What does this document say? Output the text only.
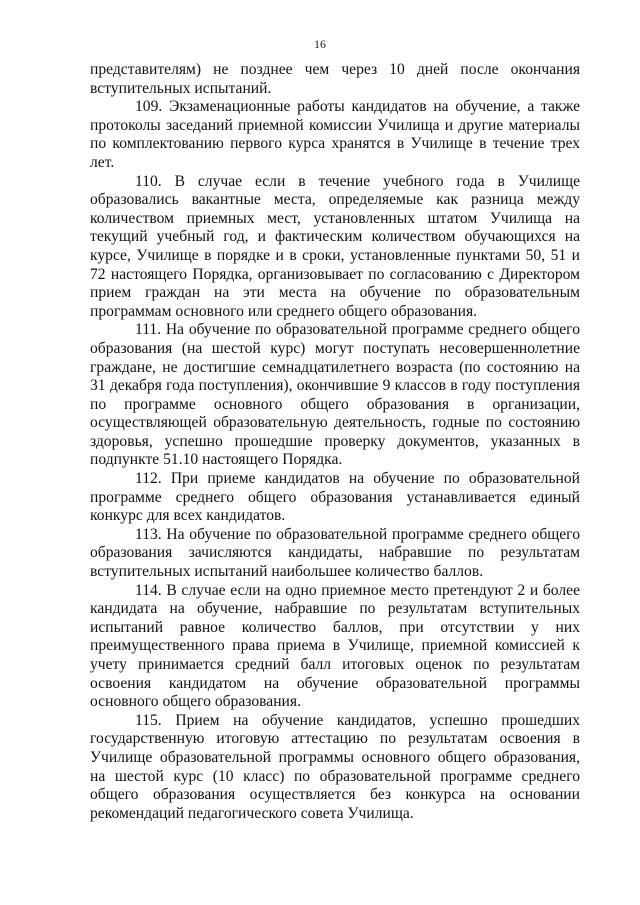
16

представителям) не позднее чем через 10 дней после окончания вступительных испытаний.

109. Экзаменационные работы кандидатов на обучение, а также протоколы заседаний приемной комиссии Училища и другие материалы по комплектованию первого курса хранятся в Училище в течение трех лет.

110. В случае если в течение учебного года в Училище образовались вакантные места, определяемые как разница между количеством приемных мест, установленных штатом Училища на текущий учебный год, и фактическим количеством обучающихся на курсе, Училище в порядке и в сроки, установленные пунктами 50, 51 и 72 настоящего Порядка, организовывает по согласованию с Директором прием граждан на эти места на обучение по образовательным программам основного или среднего общего образования.

111. На обучение по образовательной программе среднего общего образования (на шестой курс) могут поступать несовершеннолетние граждане, не достигшие семнадцатилетнего возраста (по состоянию на 31 декабря года поступления), окончившие 9 классов в году поступления по программе основного общего образования в организации, осуществляющей образовательную деятельность, годные по состоянию здоровья, успешно прошедшие проверку документов, указанных в подпункте 51.10 настоящего Порядка.

112. При приеме кандидатов на обучение по образовательной программе среднего общего образования устанавливается единый конкурс для всех кандидатов.

113. На обучение по образовательной программе среднего общего образования зачисляются кандидаты, набравшие по результатам вступительных испытаний наибольшее количество баллов.

114. В случае если на одно приемное место претендуют 2 и более кандидата на обучение, набравшие по результатам вступительных испытаний равное количество баллов, при отсутствии у них преимущественного права приема в Училище, приемной комиссией к учету принимается средний балл итоговых оценок по результатам освоения кандидатом на обучение образовательной программы основного общего образования.

115. Прием на обучение кандидатов, успешно прошедших государственную итоговую аттестацию по результатам освоения в Училище образовательной программы основного общего образования, на шестой курс (10 класс) по образовательной программе среднего общего образования осуществляется без конкурса на основании рекомендаций педагогического совета Училища.
